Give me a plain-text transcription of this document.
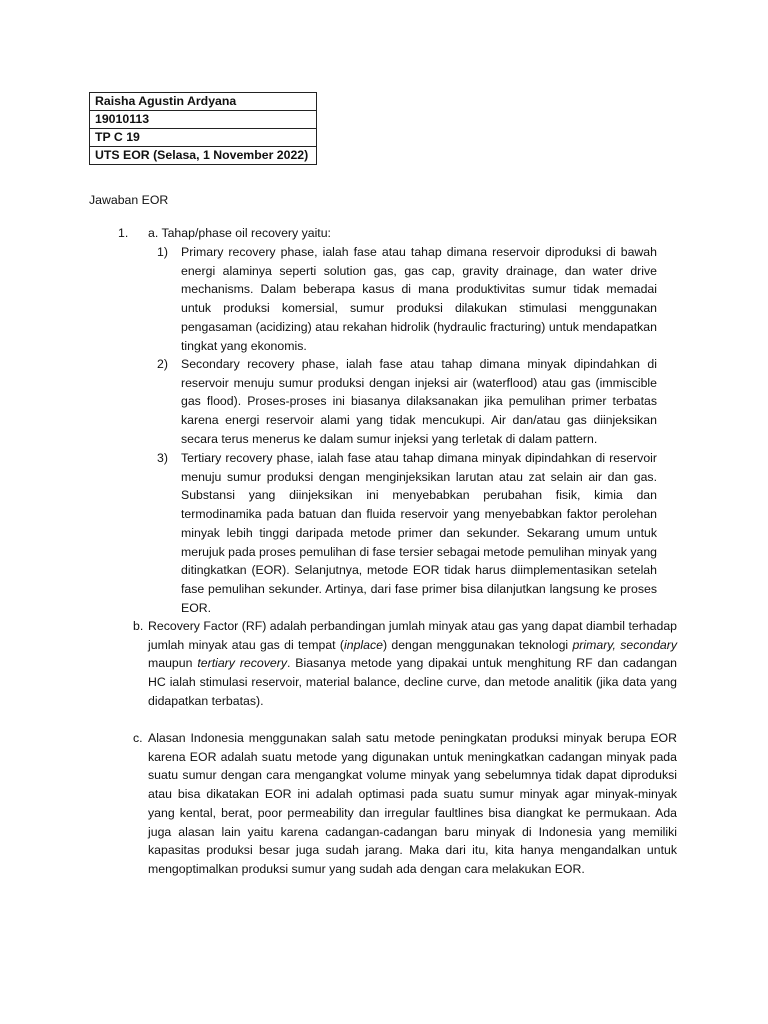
Raisha Agustin Ardyana
19010113
TP C 19
UTS EOR (Selasa, 1 November 2022)

Jawaban EOR

1. a. Tahap/phase oil recovery yaitu:
1) Primary recovery phase, ialah fase atau tahap dimana reservoir diproduksi di bawah energi alaminya seperti solution gas, gas cap, gravity drainage, dan water drive mechanisms. Dalam beberapa kasus di mana produktivitas sumur tidak memadai untuk produksi komersial, sumur produksi dilakukan stimulasi menggunakan pengasaman (acidizing) atau rekahan hidrolik (hydraulic fracturing) untuk mendapatkan tingkat yang ekonomis.

2) Secondary recovery phase, ialah fase atau tahap dimana minyak dipindahkan di reservoir menuju sumur produksi dengan injeksi air (waterflood) atau gas (immiscible gas flood). Proses-proses ini biasanya dilaksanakan jika pemulihan primer terbatas karena energi reservoir alami yang tidak mencukupi. Air dan/atau gas diinjeksikan secara terus menerus ke dalam sumur injeksi yang terletak di dalam pattern.

3) Tertiary recovery phase, ialah fase atau tahap dimana minyak dipindahkan di reservoir menuju sumur produksi dengan menginjeksikan larutan atau zat selain air dan gas. Substansi yang diinjeksikan ini menyebabkan perubahan fisik, kimia dan termodinamika pada batuan dan fluida reservoir yang menyebabkan faktor perolehan minyak lebih tinggi daripada metode primer dan sekunder. Sekarang umum untuk merujuk pada proses pemulihan di fase tersier sebagai metode pemulihan minyak yang ditingkatkan (EOR). Selanjutnya, metode EOR tidak harus diimplementasikan setelah fase pemulihan sekunder. Artinya, dari fase primer bisa dilanjutkan langsung ke proses EOR.

b. Recovery Factor (RF) adalah perbandingan jumlah minyak atau gas yang dapat diambil terhadap jumlah minyak atau gas di tempat (inplace) dengan menggunakan teknologi primary, secondary maupun tertiary recovery. Biasanya metode yang dipakai untuk menghitung RF dan cadangan HC ialah stimulasi reservoir, material balance, decline curve, dan metode analitik (jika data yang didapatkan terbatas).

c. Alasan Indonesia menggunakan salah satu metode peningkatan produksi minyak berupa EOR karena EOR adalah suatu metode yang digunakan untuk meningkatkan cadangan minyak pada suatu sumur dengan cara mengangkat volume minyak yang sebelumnya tidak dapat diproduksi atau bisa dikatakan EOR ini adalah optimasi pada suatu sumur minyak agar minyak-minyak yang kental, berat, poor permeability dan irregular faultlines bisa diangkat ke permukaan. Ada juga alasan lain yaitu karena cadangan-cadangan baru minyak di Indonesia yang memiliki kapasitas produksi besar juga sudah jarang. Maka dari itu, kita hanya mengandalkan untuk mengoptimalkan produksi sumur yang sudah ada dengan cara melakukan EOR.
